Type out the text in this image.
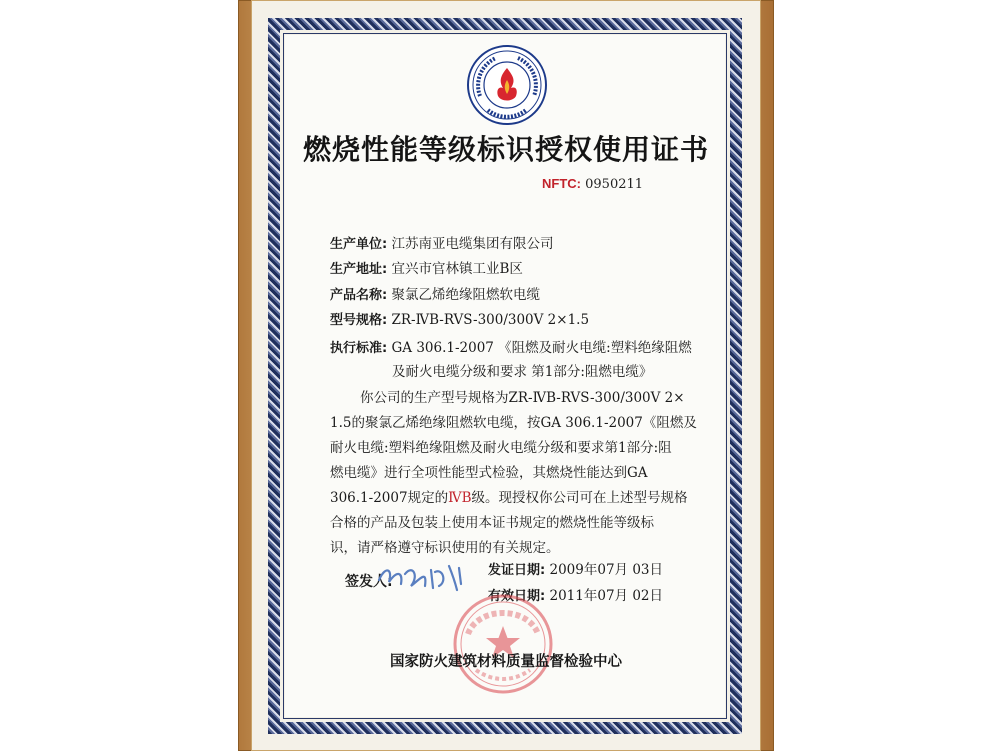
燃烧性能等级标识授权使用证书
NFTC: 0950211
生产单位: 江苏南亚电缆集团有限公司
生产地址: 宜兴市官林镇工业B区
产品名称: 聚氯乙烯绝缘阻燃软电缆
型号规格: ZR-ⅣB-RVS-300/300V 2×1.5
执行标准: GA 306.1-2007 《阻燃及耐火电缆:塑料绝缘阻燃
及耐火电缆分级和要求 第1部分:阻燃电缆》
你公司的生产型号规格为ZR-ⅣB-RVS-300/300V 2×
1.5的聚氯乙烯绝缘阻燃软电缆，按GA 306.1-2007《阻燃及
耐火电缆:塑料绝缘阻燃及耐火电缆分级和要求第1部分:阻
燃电缆》进行全项性能型式检验，其燃烧性能达到GA
306.1-2007规定的ⅣB级。现授权你公司可在上述型号规格
合格的产品及包装上使用本证书规定的燃烧性能等级标
识，请严格遵守标识使用的有关规定。
签发人:
发证日期: 2009年07月 03日
有效日期: 2011年07月 02日
国家防火建筑材料质量监督检验中心
